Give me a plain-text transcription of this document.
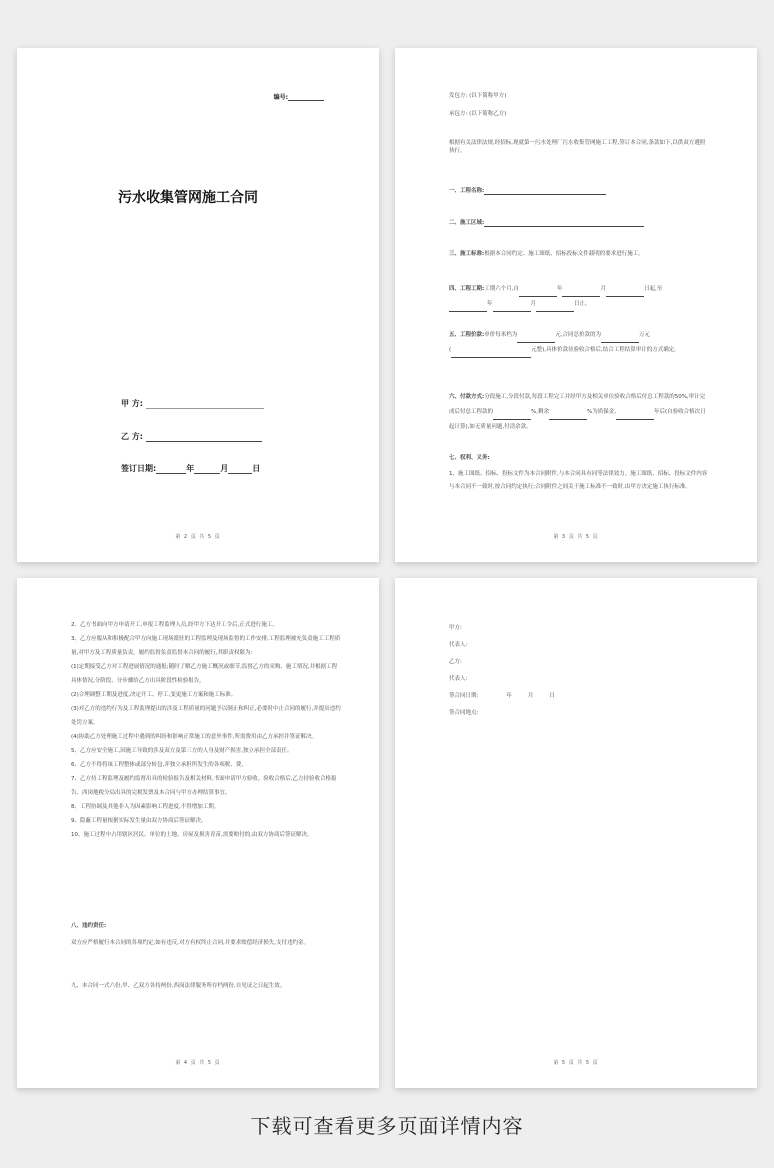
编号:
污水收集管网施工合同
甲 方:
乙 方:
签订日期:	年	月	日
第 2 页 共 5 页
发包方: (以下简称甲方)
承包方: (以下简称乙方)
根据有关法律法规,经招标,现就第一污水处理厂污水收集管网施工工程,签订本合同,条款如下,以供双方遵照执行。
一、工程名称:
二、施工区域:
三、施工标准:根据本合同约定、施工图纸、招标投标文件载明的要求进行施工。
四、工程工期:工期六个月,自	年	月	日起,至
年	月	日止。
五、工程价款:单价每米档为	元,合同总价款的为	万元
(	元整),具体价款待验收合格后,结合工程结算审计的方式确定。
六、付款方式:分段施工,分段付款,每段工程完工并经甲方及相关单位验收合格后付总工程款的50%,审计完成后付总工程款的	%,剩余	%为质保金,	年后(自验收合格次日起计算),如无质量问题,付清余款。
七、权利、义务:
1、施工图纸、招标、投标文件为本合同附件,与本合同具有同等法律效力。施工图纸、招标、投标文件内容与本合同不一致时,按合同约定执行;合同附件之间关于施工标准不一致时,由甲方决定施工执行标准。
第 3 页 共 5 页
2、乙方书面向甲方申请开工,申报工程监理人员,经甲方下达开工令后,正式进行施工。
3、乙方应服从和积极配合甲方向施工现场派驻的工程监理及现场监督的工作安排,工程监理被充负责施工工程质量,对甲方及工程质量负责。履约监督负责监督本合同的履行,其职责权限为:
(1)定期接受乙方对工程进展情况的通报;随时了解乙方施工概况或细节,监督乙方的采购、施工情况,并根据工程具体情况,分阶段、分步骤给乙方出具阶段性检验报告。
(2)合理调整工期及进度,决定开工、停工,变更施工方案和施工标准。
(3)对乙方的违约行为及工程监理提出的涉及工程质量的问题予以制止和纠正,必要时中止合同的履行,并提出违约处罚方案。
(4)协助乙方处理施工过程中遇到的纠纷和影响正常施工的意外事件,所需费用由乙方承担并签证解决。
5、乙方应安全施工,因施工导致的涉及双方及第三方的人身及财产损害,独立承担全部责任。
6、乙方不得将该工程整体或部分转包,并独立承担所发生的各项税、费。
7、乙方持工程监理及履约监督出具的检验报告及相关材料,书面申请甲方验收。验收合格后,乙方持验收合格报告、西岗地税分局出具的完税发票及本合同与甲方办理结算事宜。
8、工程协调及其他非人为因素影响工程进度,不得增加工期。
9、隐蔽工程量根据实际发生量由双方协商后签证解决。
10、施工过程中占用辖区居民、单位的土地、房屋及损害青苗,需要赔付的,由双方协商后签证解决。
八、违约责任:
双方应严格履行本合同的各项约定,如有违反,对方有权终止合同,并要求赔偿经济损失,支付违约金。
九、本合同一式六份,甲、乙双方各持两份,西岗法律服务所存档两份,自见证之日起生效。
第 4 页 共 5 页
甲方:
代表人:
乙方:
代表人:
签合同日期:	年	月	日
签合同地点:
第 5 页 共 5 页
下载可查看更多页面详情内容
